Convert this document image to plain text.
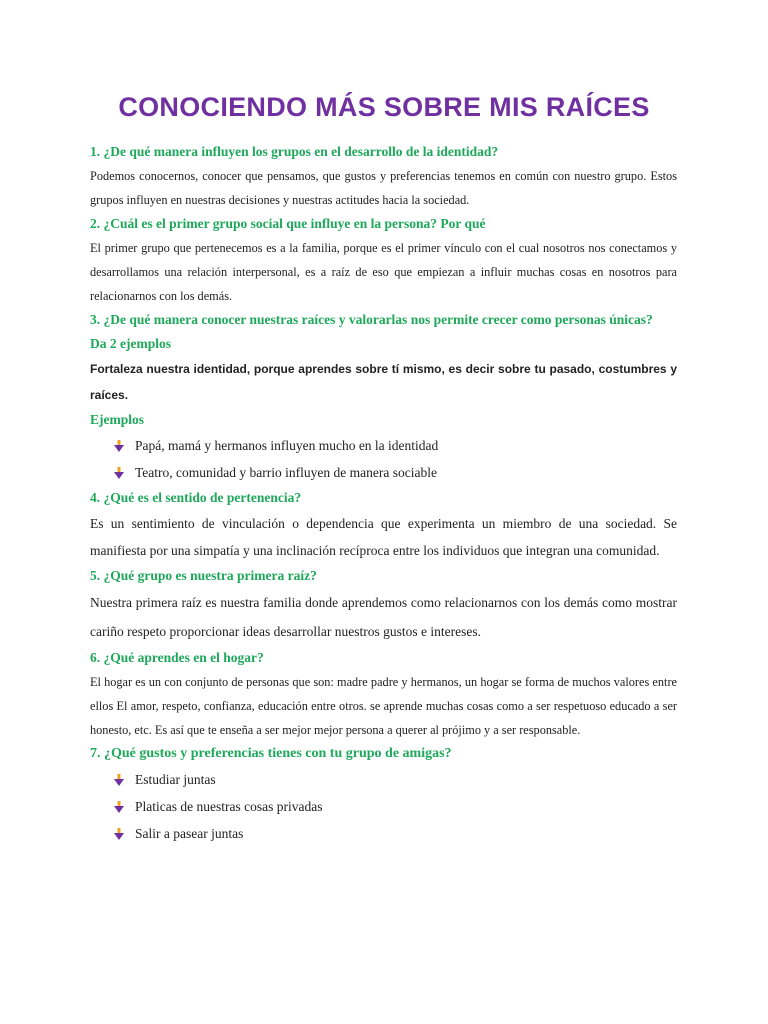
CONOCIENDO MÁS SOBRE MIS RAÍCES

1. ¿De qué manera influyen los grupos en el desarrollo de la identidad?

Podemos conocernos, conocer que pensamos, que gustos y preferencias tenemos en común con nuestro grupo. Estos grupos influyen en nuestras decisiones y nuestras actitudes hacia la sociedad.

2. ¿Cuál es el primer grupo social que influye en la persona? Por qué

El primer grupo que pertenecemos es a la familia, porque es el primer vínculo con el cual nosotros nos conectamos y desarrollamos una relación interpersonal, es a raíz de eso que empiezan a influir muchas cosas en nosotros para relacionarnos con los demás.

3. ¿De qué manera conocer nuestras raíces y valorarlas nos permite crecer como personas únicas?

Da 2 ejemplos

Fortaleza nuestra identidad, porque aprendes sobre tí mismo, es decir sobre tu pasado, costumbres y raíces.

Ejemplos

Papá, mamá y hermanos influyen mucho en la identidad
Teatro, comunidad y barrio influyen de manera sociable

4. ¿Qué es el sentido de pertenencia?

Es un sentimiento de vinculación o dependencia que experimenta un miembro de una sociedad. Se manifiesta por una simpatía y una inclinación recíproca entre los individuos que integran una comunidad.

5. ¿Qué grupo es nuestra primera raíz?

Nuestra primera raíz es nuestra familia donde aprendemos como relacionarnos con los demás como mostrar cariño respeto proporcionar ideas desarrollar nuestros gustos e intereses.

6. ¿Qué aprendes en el hogar?

El hogar es un con conjunto de personas que son: madre padre y hermanos, un hogar se forma de muchos valores entre ellos El amor, respeto, confianza, educación entre otros. se aprende muchas cosas como a ser respetuoso educado a ser honesto, etc. Es así que te enseña a ser mejor mejor persona a querer al prójimo y a ser responsable.

7. ¿Qué gustos y preferencias tienes con tu grupo de amigas?

Estudiar juntas
Platicas de nuestras cosas privadas
Salir a pasear juntas
